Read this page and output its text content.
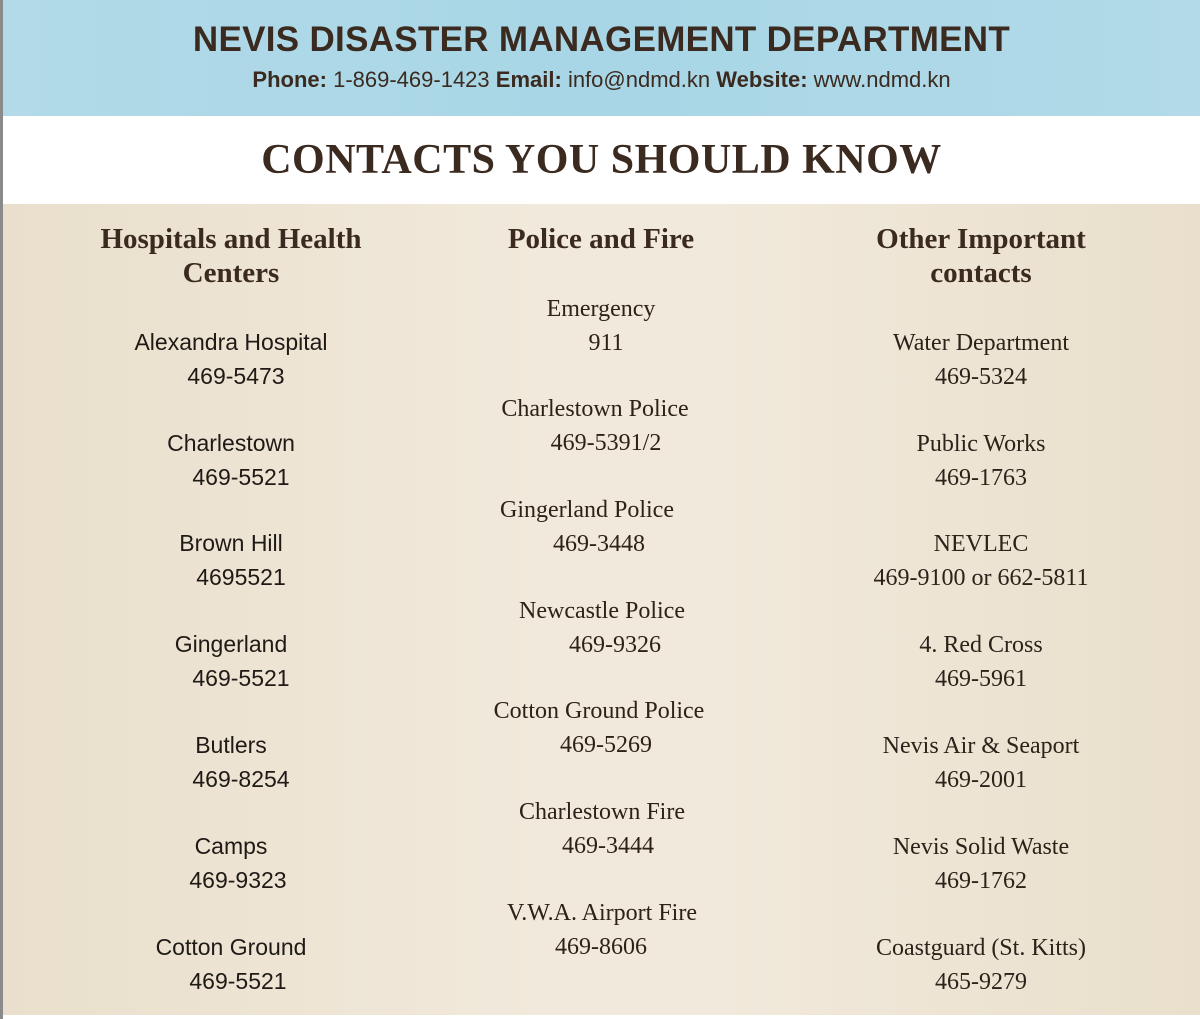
NEVIS DISASTER MANAGEMENT DEPARTMENT
Phone: 1-869-469-1423 Email: info@ndmd.kn Website: www.ndmd.kn
CONTACTS YOU SHOULD KNOW
Hospitals and Health
Centers
Alexandra Hospital
469-5473
Charlestown
469-5521
Brown Hill
4695521
Gingerland
469-5521
Butlers
469-8254
Camps
469-9323
Cotton Ground
469-5521
Police and Fire
Emergency
911
Charlestown Police
469-5391/2
Gingerland Police
469-3448
Newcastle Police
469-9326
Cotton Ground Police
469-5269
Charlestown Fire
469-3444
V.W.A. Airport Fire
469-8606
Other Important
contacts
Water Department
469-5324
Public Works
469-1763
NEVLEC
469-9100 or 662-5811
4. Red Cross
469-5961
Nevis Air & Seaport
469-2001
Nevis Solid Waste
469-1762
Coastguard (St. Kitts)
465-9279
